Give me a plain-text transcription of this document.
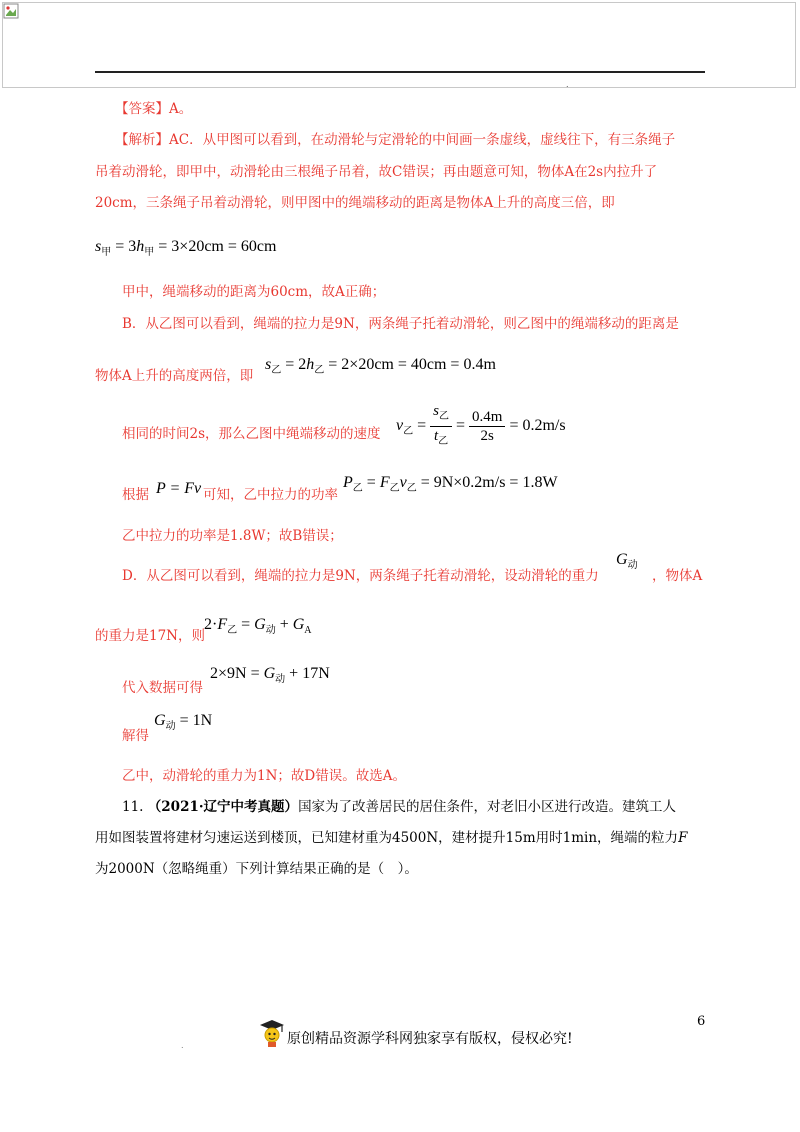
.
【答案】A。
【解析】AC．从甲图可以看到，在动滑轮与定滑轮的中间画一条虚线，虚线往下，有三条绳子
吊着动滑轮，即甲中，动滑轮由三根绳子吊着，故C错误；再由题意可知，物体A在2s内拉升了
20cm，三条绳子吊着动滑轮，则甲图中的绳端移动的距离是物体A上升的高度三倍，即
$s_甲 = 3h_甲 = 3\times 20cm = 60cm$
甲中，绳端移动的距离为60cm，故A正确；
B．从乙图可以看到，绳端的拉力是9N，两条绳子托着动滑轮，则乙图中的绳端移动的距离是
物体A上升的高度两倍，即
$s_乙 = 2h_乙 = 2\times 20cm = 40cm = 0.4m$
相同的时间2s，那么乙图中绳端移动的速度 $v_乙 = \frac{s_乙}{t_乙} = \frac{0.4m}{2s} = 0.2m/s$
根据 P = Fv 可知，乙中拉力的功率
$P_乙 = F_乙v_乙 = 9N\times 0.2m/s = 1.8W$
乙中拉力的功率是1.8W；故B错误；
D．从乙图可以看到，绳端的拉力是9N，两条绳子托着动滑轮，设动滑轮的重力
$G_动$
，物体A
的重力是17N，则
$2\cdot F_乙 = G_动 + G_A$
代入数据可得
$2\times 9N = G_动 + 17N$
解得
$G_动 = 1N$
乙中，动滑轮的重力为1N；故D错误。故选A。
11. （2021·辽宁中考真题）国家为了改善居民的居住条件，对老旧小区进行改造。建筑工人
用如图装置将建材匀速运送到楼顶，已知建材重为4500N，建材提升15m用时1min，绳端的粒力F
为2000N（忽略绳重）下列计算结果正确的是（　）。
原创精品资源学科网独家享有版权，侵权必究!
6
.
